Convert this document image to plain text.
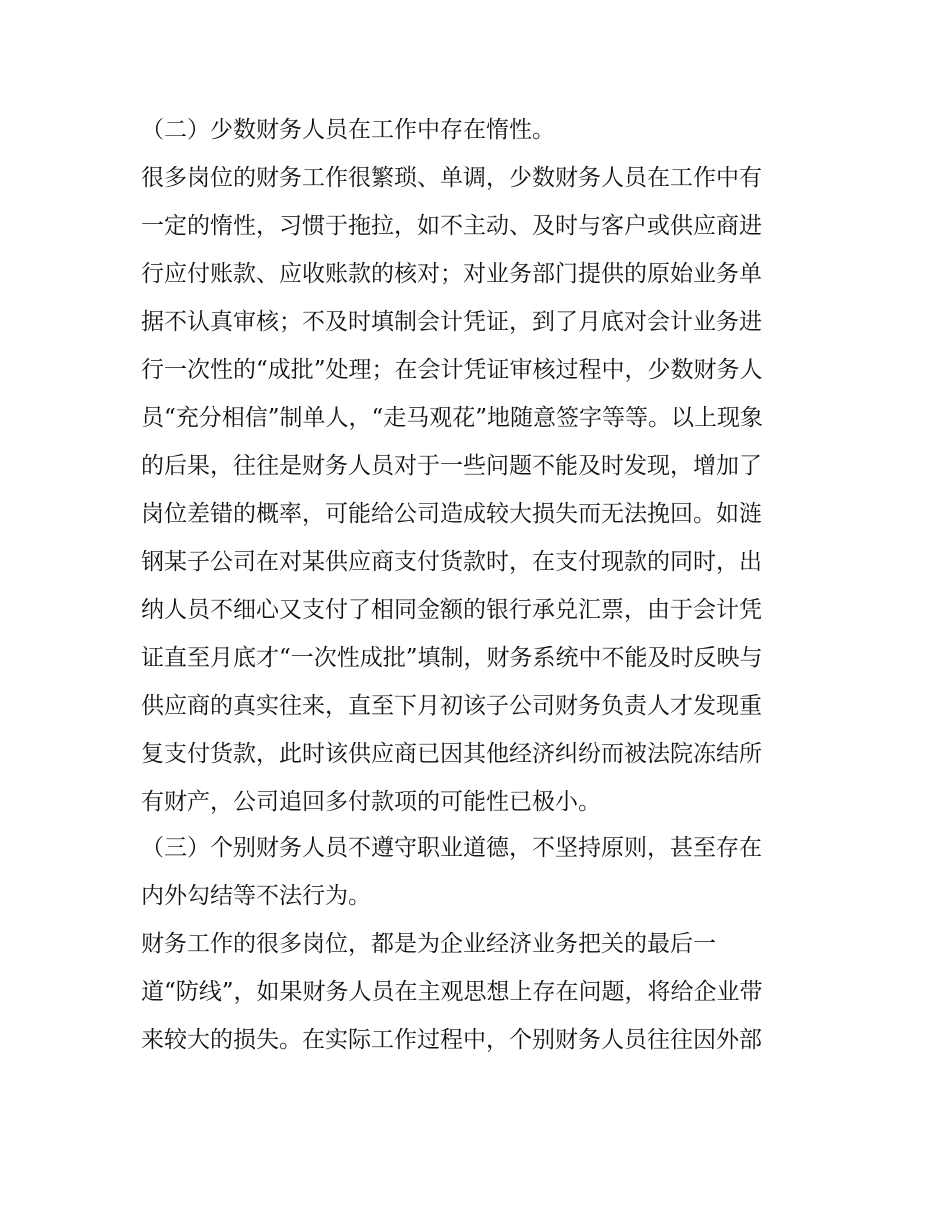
（二）少数财务人员在工作中存在惰性。
很多岗位的财务工作很繁琐、单调，少数财务人员在工作中有
一定的惰性，习惯于拖拉，如不主动、及时与客户或供应商进
行应付账款、应收账款的核对；对业务部门提供的原始业务单
据不认真审核；不及时填制会计凭证，到了月底对会计业务进
行一次性的“成批”处理；在会计凭证审核过程中，少数财务人
员“充分相信”制单人，“走马观花”地随意签字等等。以上现象
的后果，往往是财务人员对于一些问题不能及时发现，增加了
岗位差错的概率，可能给公司造成较大损失而无法挽回。如涟
钢某子公司在对某供应商支付货款时，在支付现款的同时，出
纳人员不细心又支付了相同金额的银行承兑汇票，由于会计凭
证直至月底才“一次性成批”填制，财务系统中不能及时反映与
供应商的真实往来，直至下月初该子公司财务负责人才发现重
复支付货款，此时该供应商已因其他经济纠纷而被法院冻结所
有财产，公司追回多付款项的可能性已极小。
（三）个别财务人员不遵守职业道德，不坚持原则，甚至存在
内外勾结等不法行为。
财务工作的很多岗位，都是为企业经济业务把关的最后一
道“防线”，如果财务人员在主观思想上存在问题，将给企业带
来较大的损失。在实际工作过程中，个别财务人员往往因外部
